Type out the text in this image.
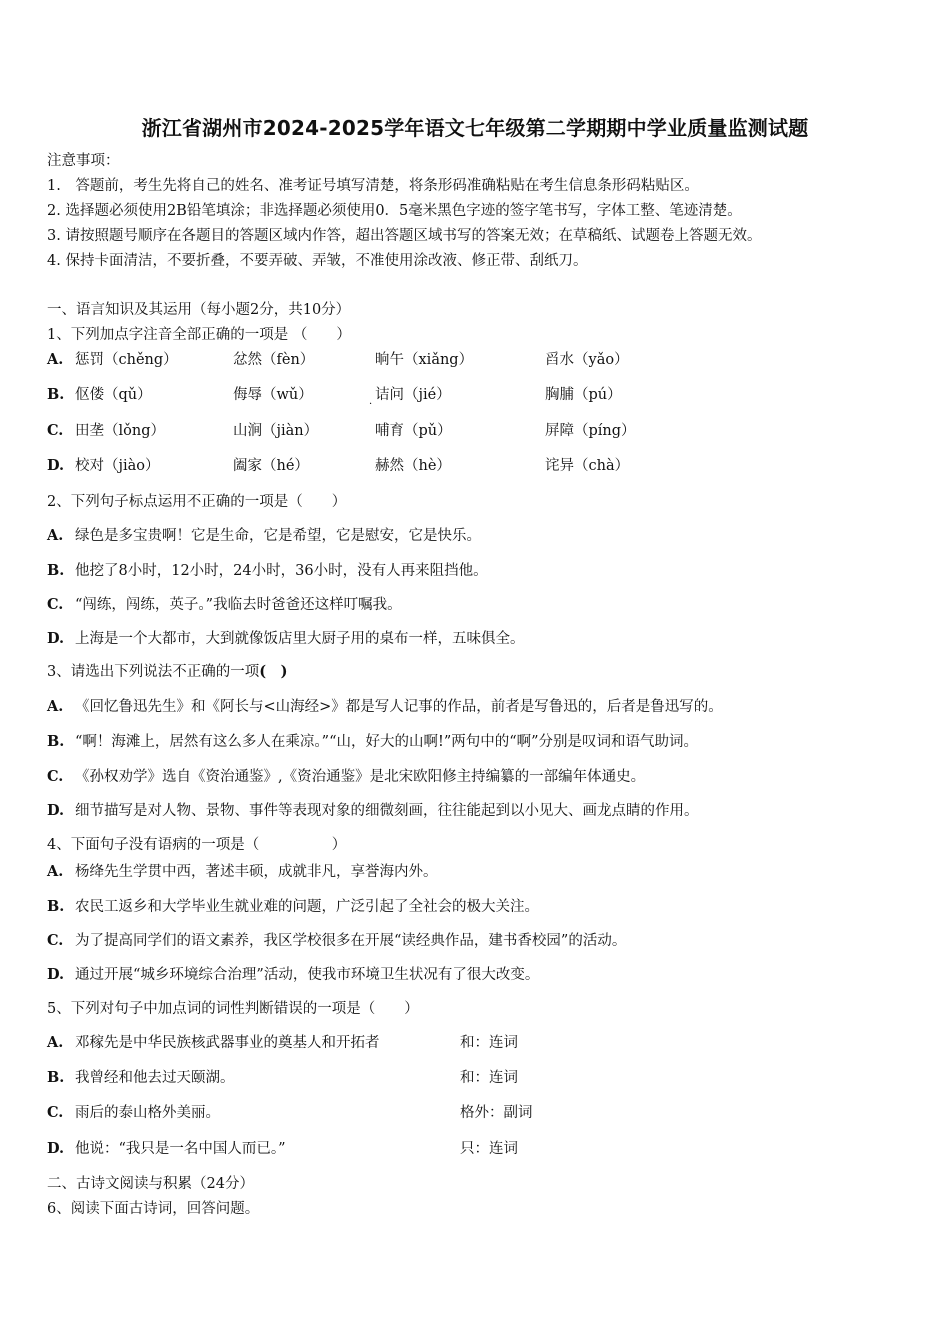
浙江省湖州市2024-2025学年语文七年级第二学期期中学业质量监测试题
注意事项：
1.　答题前，考生先将自己的姓名、准考证号填写清楚，将条形码准确粘贴在考生信息条形码粘贴区。
2. 选择题必须使用2B铅笔填涂；非选择题必须使用0．5毫米黑色字迹的签字笔书写，字体工整、笔迹清楚。
3. 请按照题号顺序在各题目的答题区域内作答，超出答题区域书写的答案无效；在草稿纸、试题卷上答题无效。
4. 保持卡面清洁，不要折叠，不要弄破、弄皱，不准使用涂改液、修正带、刮纸刀。
一、语言知识及其运用（每小题2分，共10分）
1、下列加点字注音全部正确的一项是 （　　）
A. 惩罚（chěng）	忿然（fèn）	晌午（xiǎng）	舀水（yǎo）
B. 伛偻（qǔ）	侮辱（wǔ）	诘问（jié）	胸脯（pú）
·
C. 田垄（lǒng）	山涧（jiàn）	哺育（pǔ）	屏障（píng）
D. 校对（jiào）	阖家（hé）	赫然（hè）	诧异（chà）
2、下列句子标点运用不正确的一项是（　　）
A. 绿色是多宝贵啊！它是生命，它是希望，它是慰安，它是快乐。
B. 他挖了8小时，12小时，24小时，36小时，没有人再来阻挡他。
C. “闯练，闯练，英子。”我临去时爸爸还这样叮嘱我。
D. 上海是一个大都市，大到就像饭店里大厨子用的桌布一样，五味俱全。
3、请选出下列说法不正确的一项(　)
A. 《回忆鲁迅先生》和《阿长与<山海经>》都是写人记事的作品，前者是写鲁迅的，后者是鲁迅写的。
B. “啊！海滩上，居然有这么多人在乘凉。”“山，好大的山啊!”两句中的“啊”分别是叹词和语气助词。
C. 《孙权劝学》选自《资治通鉴》,《资治通鉴》是北宋欧阳修主持编纂的一部编年体通史。
D. 细节描写是对人物、景物、事件等表现对象的细微刻画，往往能起到以小见大、画龙点睛的作用。
4、下面句子没有语病的一项是（　　　　　）
A. 杨绛先生学贯中西，著述丰硕，成就非凡，享誉海内外。
B. 农民工返乡和大学毕业生就业难的问题，广泛引起了全社会的极大关注。
C. 为了提高同学们的语文素养，我区学校很多在开展“读经典作品，建书香校园”的活动。
D. 通过开展“城乡环境综合治理”活动，使我市环境卫生状况有了很大改变。
5、下列对句子中加点词的词性判断错误的一项是（　　）
A. 邓稼先是中华民族核武器事业的奠基人和开拓者	和：连词
B. 我曾经和他去过天颐湖。	和：连词
C. 雨后的泰山格外美丽。	格外：副词
D. 他说：“我只是一名中国人而已。”	只：连词
二、古诗文阅读与积累（24分）
6、阅读下面古诗词，回答问题。
